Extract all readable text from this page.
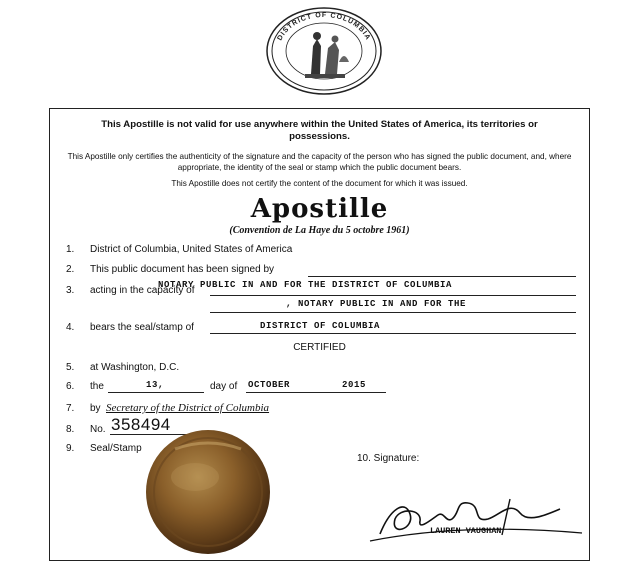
DISTRICT OF COLUMBIA
This Apostille is not valid for use anywhere within the United States of America, its territories or possessions.
This Apostille only certifies the authenticity of the signature and the capacity of the person who has signed the public document, and, where appropriate, the identity of the seal or stamp which the public document bears.
This Apostille does not certify the content of the document for which it was issued.
Apostille
(Convention de La Haye du 5 octobre 1961)
1. District of Columbia, United States of America
2. This public document has been signed by
3. acting in the capacity of
NOTARY PUBLIC IN AND FOR THE DISTRICT OF COLUMBIA
, NOTARY PUBLIC IN AND FOR THE
4. bears the seal/stamp of	DISTRICT OF COLUMBIA
CERTIFIED
5. at Washington, D.C.
6. the	13,	day of OCTOBER	2015
7. by Secretary of the District of Columbia
8. No. 358494
9. Seal/Stamp
10. Signature:
LAUREN VAUGHAN
